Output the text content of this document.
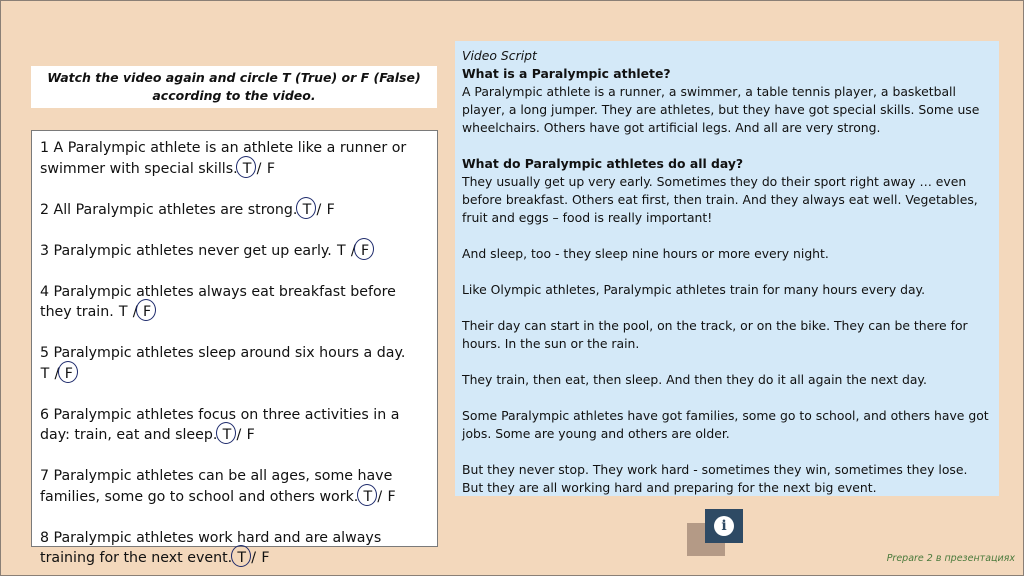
Watch the video again and circle T (True) or F (False) according to the video.
1 A Paralympic athlete is an athlete like a runner or swimmer with special skills. T / F
2 All Paralympic athletes are strong. T / F
3 Paralympic athletes never get up early. T / F
4 Paralympic athletes always eat breakfast before they train. T / F
5 Paralympic athletes sleep around six hours a day. T / F
6 Paralympic athletes focus on three activities in a day: train, eat and sleep. T / F
7 Paralympic athletes can be all ages, some have families, some go to school and others work. T / F
8 Paralympic athletes work hard and are always training for the next event. T / F
Video Script
What is a Paralympic athlete?

A Paralympic athlete is a runner, a swimmer, a table tennis player, a basketball player, a long jumper. They are athletes, but they have got special skills. Some use wheelchairs. Others have got artificial legs. And all are very strong.

What do Paralympic athletes do all day?

They usually get up very early. Sometimes they do their sport right away … even before breakfast. Others eat first, then train. And they always eat well. Vegetables, fruit and eggs – food is really important!

And sleep, too - they sleep nine hours or more every night.

Like Olympic athletes, Paralympic athletes train for many hours every day.

Their day can start in the pool, on the track, or on the bike. They can be there for hours. In the sun or the rain.

They train, then eat, then sleep. And then they do it all again the next day.

Some Paralympic athletes have got families, some go to school, and others have got jobs. Some are young and others are older.

But they never stop. They work hard - sometimes they win, sometimes they lose.
But they are all working hard and preparing for the next big event.
i
Prepare 2 в презентациях
